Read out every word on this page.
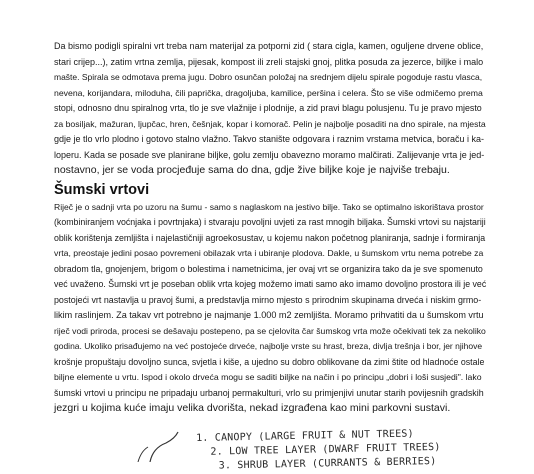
Da bismo podigli spiralni vrt treba nam materijal za potporni zid ( stara cigla, kamen, oguljene drvene oblice,
stari crijep...), zatim vrtna zemlja, pijesak, kompost ili zreli stajski gnoj, plitka posuda za jezerce, biljke i malo
mašte. Spirala se odmotava prema jugu. Dobro osunčan položaj na srednjem dijelu spirale pogoduje rastu vlasca,
nevena, korijandara, miloduha, čili paprička, dragoljuba, kamilice, peršina i celera. Što se više odmičemo prema
stopi, odnosno dnu spiralnog vrta, tlo je sve vlažnije i plodnije, a zid pravi blagu polusjenu. Tu je pravo mjesto
za bosiljak, mažuran, ljupčac, hren, češnjak, kopar i komorač. Pelin je najbolje posaditi na dno spirale, na mjesta
gdje je tlo vrlo plodno i gotovo stalno vlažno. Takvo stanište odgovara i raznim vrstama metvica, boraču i ka-
loperu. Kada se posade sve planirane biljke, golu zemlju obavezno moramo malčirati. Zalijevanje vrta je jed-
nostavno, jer se voda procjeđuje sama do dna, gdje žive biljke koje je najviše trebaju.

Šumski vrtovi

Riječ je o sadnji vrta po uzoru na šumu - samo s naglaskom na jestivo bilje. Tako se optimalno iskorištava prostor
(kombiniranjem voćnjaka i povrtnjaka) i stvaraju povoljni uvjeti za rast mnogih biljaka. Šumski vrtovi su najstariji
oblik korištenja zemljišta i najelastičniji agroekosustav, u kojemu nakon početnog planiranja, sadnje i formiranja
vrta, preostaje jedini posao povremeni obilazak vrta i ubiranje plodova. Dakle, u šumskom vrtu nema potrebe za
obradom tla, gnojenjem, brigom o bolestima i nametnicima, jer ovaj vrt se organizira tako da je sve spomenuto
već uvaženo. Šumski vrt je poseban oblik vrta kojeg možemo imati samo ako imamo dovoljno prostora ili je već
postojeći vrt nastavlja u pravoj šumi, a predstavlja mirno mjesto s prirodnim skupinama drveća i niskim grmo-
likim raslinjem. Za takav vrt potrebno je najmanje 1.000 m2 zemljišta. Moramo prihvatiti da u šumskom vrtu
riječ vodi priroda, procesi se dešavaju postepeno, pa se cjelovita čar šumskog vrta može očekivati tek za nekoliko
godina. Ukoliko prisađujemo na već postojeće drveće, najbolje vrste su hrast, breza, divlja trešnja i bor, jer njihove
krošnje propuštaju dovoljno sunca, svjetla i kiše, a ujedno su dobro oblikovane da zimi štite od hladnoće ostale
biljne elemente u vrtu. Ispod i okolo drveća mogu se saditi biljke na način i po principu „dobri i loši susjedi". lako
šumski vrtovi u principu ne pripadaju urbanoj permakulturi, vrlo su primjenjivi unutar starih povijesnih gradskih
jezgri u kojima kuće imaju velika dvorišta, nekad izgrađena kao mini parkovni sustavi.

1. CANOPY (LARGE FRUIT & NUT TREES)
2. LOW TREE LAYER (DWARF FRUIT TREES)
3. SHRUB LAYER (CURRANTS & BERRIES)
